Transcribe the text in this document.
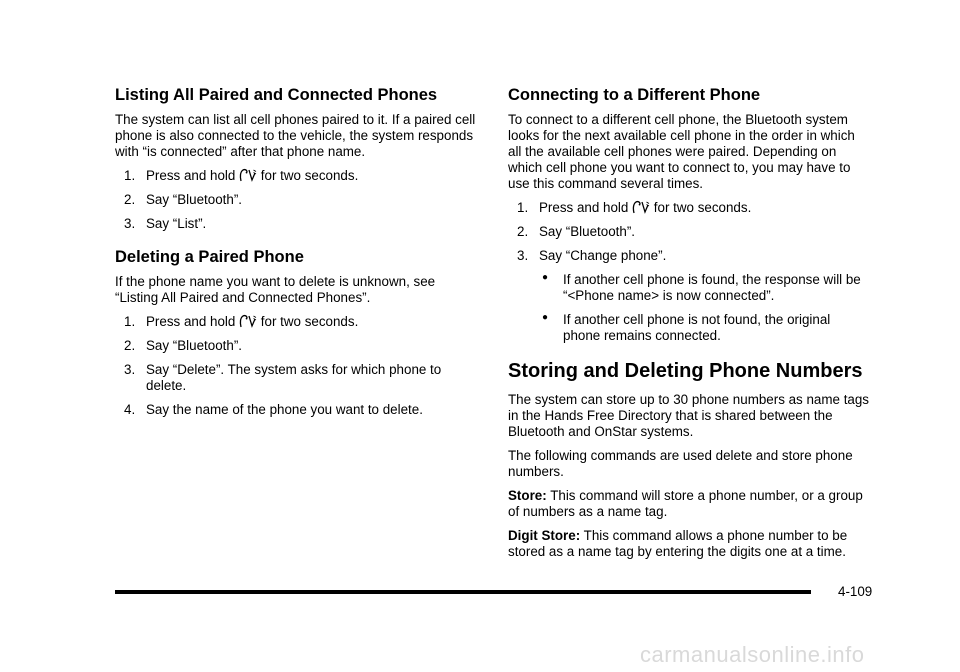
Listing All Paired and Connected Phones

The system can list all cell phones paired to it. If a paired cell phone is also connected to the vehicle, the system responds with “is connected” after that phone name.

1. Press and hold for two seconds.
2. Say “Bluetooth”.
3. Say “List”.
Deleting a Paired Phone

If the phone name you want to delete is unknown, see “Listing All Paired and Connected Phones”.

1. Press and hold for two seconds.
2. Say “Bluetooth”.
3. Say “Delete”. The system asks for which phone to delete.
4. Say the name of the phone you want to delete.
Connecting to a Different Phone

To connect to a different cell phone, the Bluetooth system looks for the next available cell phone in the order in which all the available cell phones were paired. Depending on which cell phone you want to connect to, you may have to use this command several times.

1. Press and hold for two seconds.
2. Say “Bluetooth”.
3. Say “Change phone”.
● If another cell phone is found, the response will be “<Phone name> is now connected”.
● If another cell phone is not found, the original phone remains connected.
Storing and Deleting Phone Numbers

The system can store up to 30 phone numbers as name tags in the Hands Free Directory that is shared between the Bluetooth and OnStar systems.

The following commands are used delete and store phone numbers.

Store: This command will store a phone number, or a group of numbers as a name tag.

Digit Store: This command allows a phone number to be stored as a name tag by entering the digits one at a time.

4-109
carmanualsonline.info
